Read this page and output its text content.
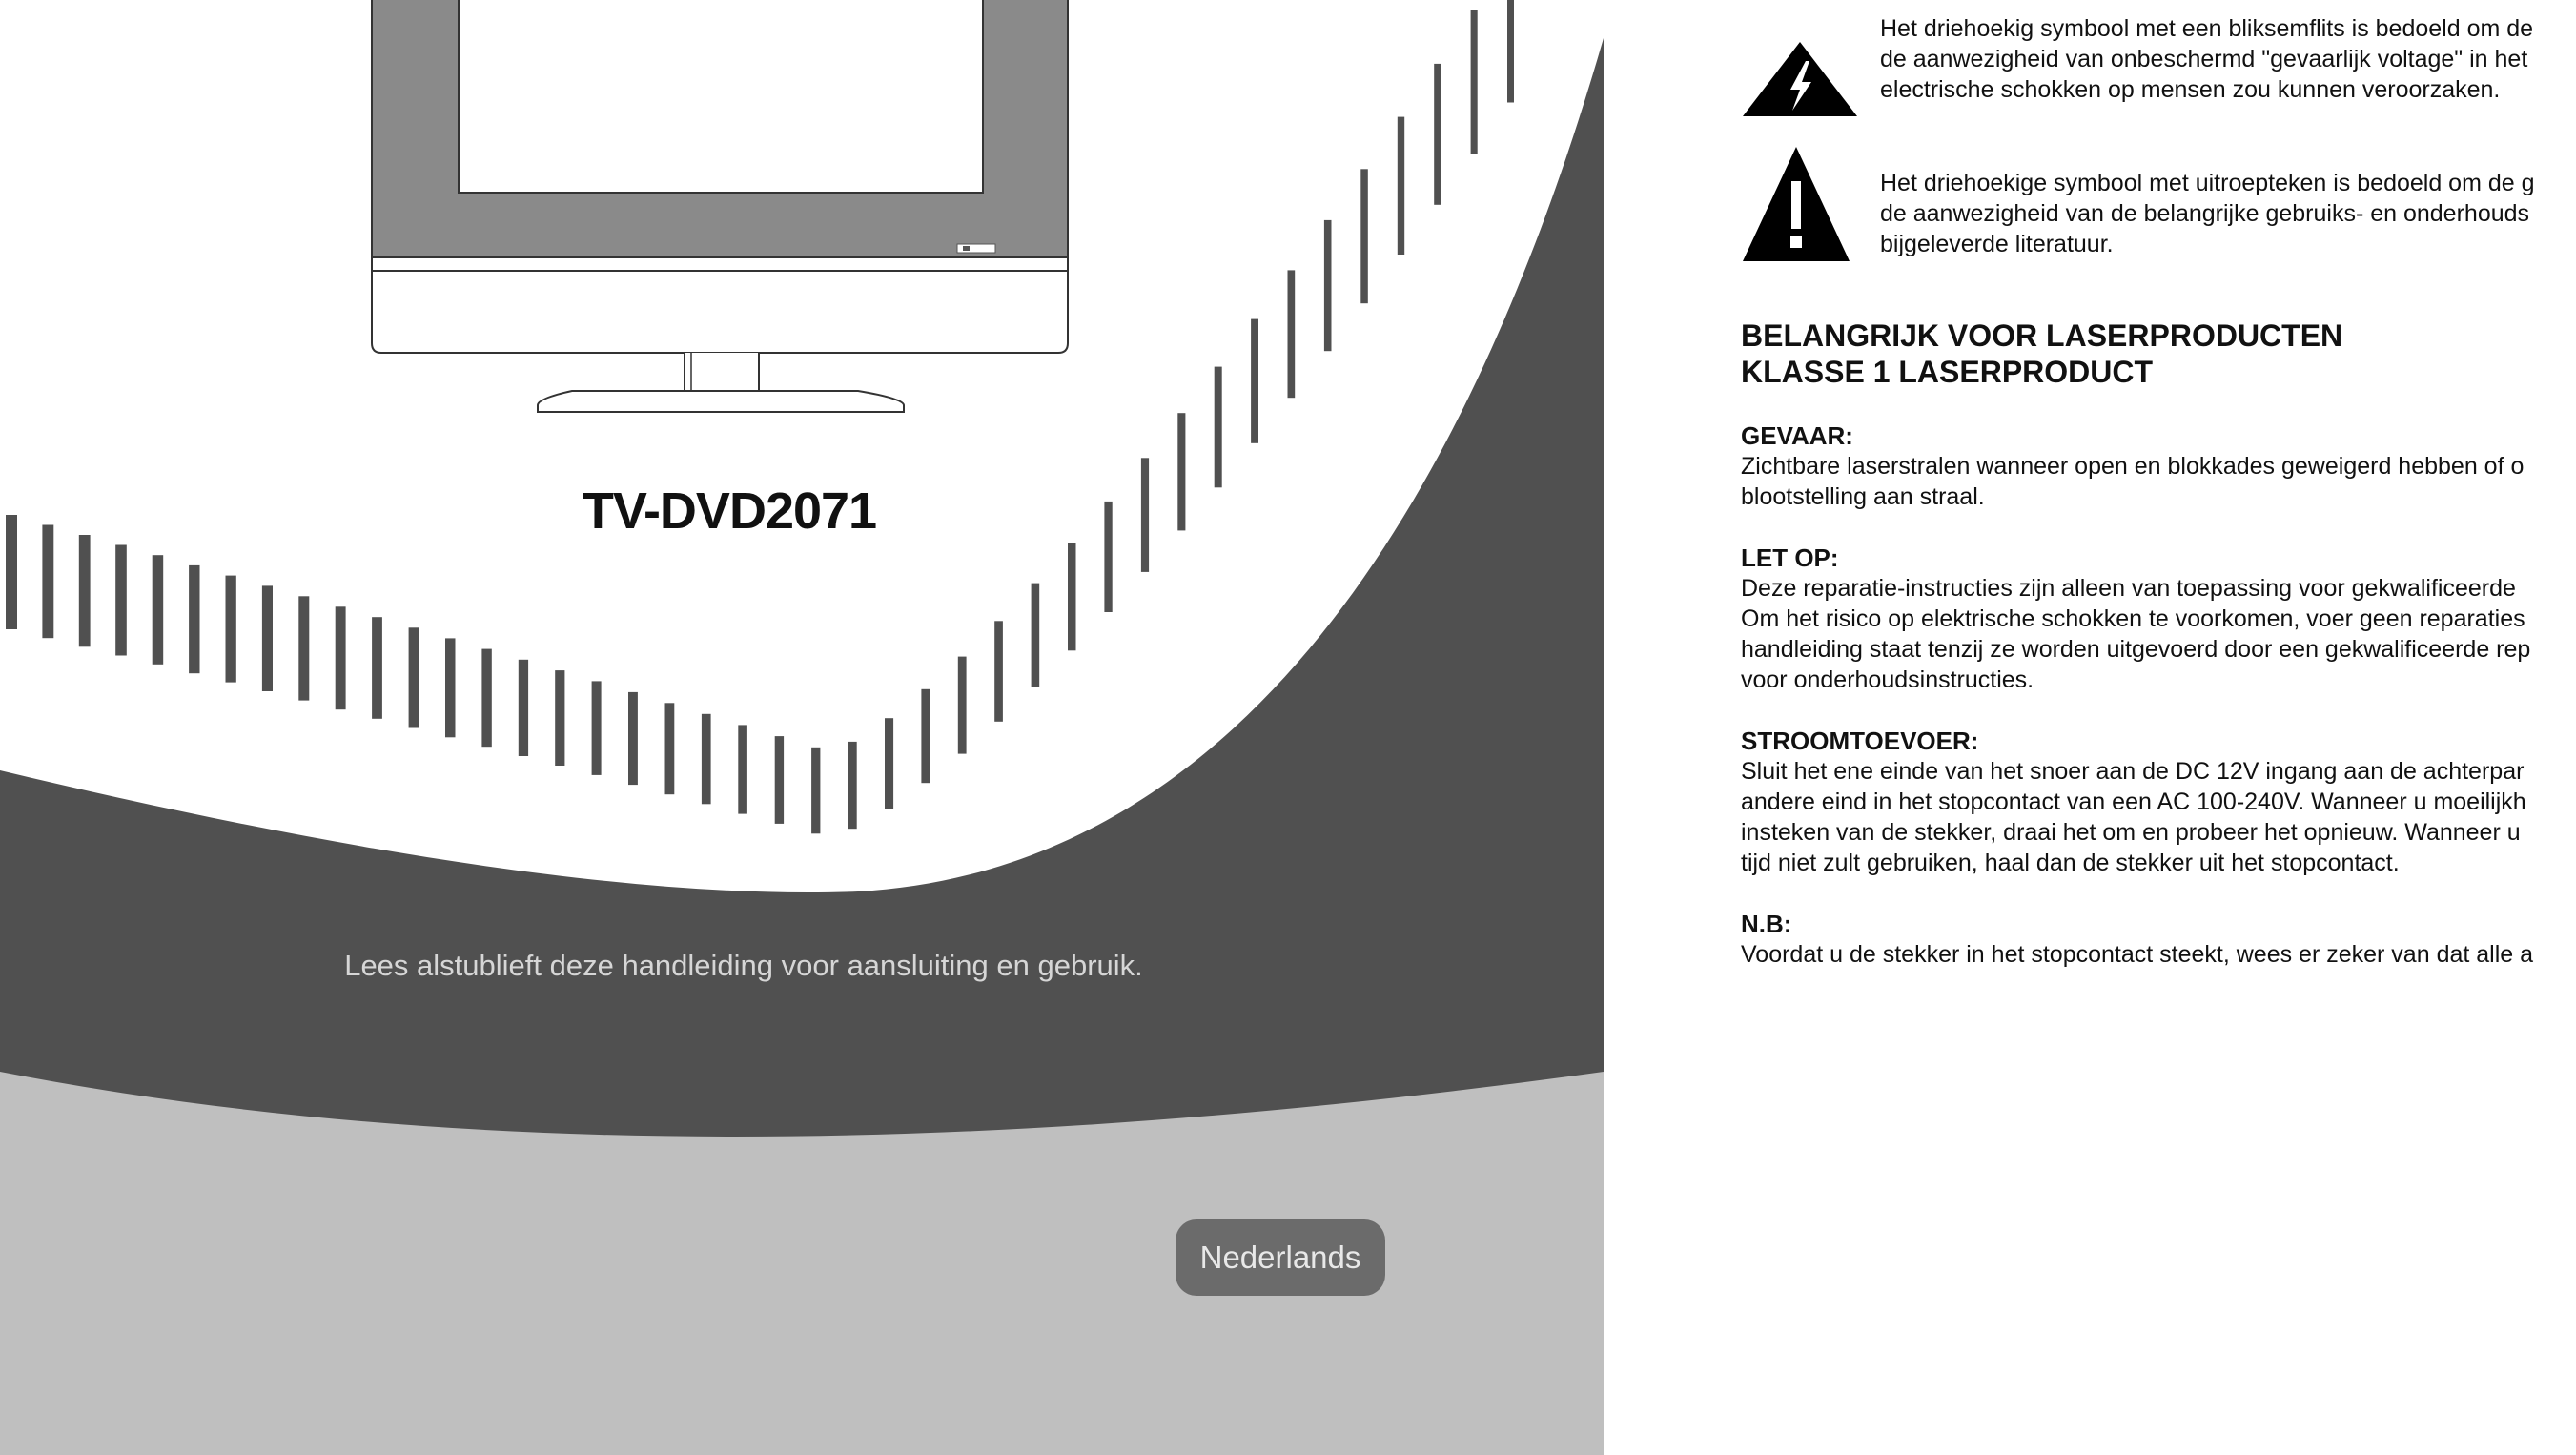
TV-DVD2071
Lees alstublieft deze handleiding voor aansluiting en gebruik.
Nederlands
Het driehoekig symbool met een bliksemflits is bedoeld om de
de aanwezigheid van onbeschermd "gevaarlijk voltage" in het
electrische schokken op mensen zou kunnen veroorzaken.
Het driehoekige symbool met uitroepteken is bedoeld om de g
de aanwezigheid van de belangrijke gebruiks- en onderhouds
bijgeleverde literatuur.
BELANGRIJK VOOR LASERPRODUCTEN
KLASSE 1 LASERPRODUCT
GEVAAR:
Zichtbare laserstralen wanneer open en blokkades geweigerd hebben of o
blootstelling aan straal.
LET OP:
Deze reparatie-instructies zijn alleen van toepassing voor gekwalificeerde
Om het risico op elektrische schokken te voorkomen, voer geen reparaties
handleiding staat tenzij ze worden uitgevoerd door een gekwalificeerde rep
voor onderhoudsinstructies.
STROOMTOEVOER:
Sluit het ene einde van het snoer aan de DC 12V ingang aan de achterpar
andere eind in het stopcontact van een AC 100-240V. Wanneer u moeilijkh
insteken van de stekker, draai het om en probeer het opnieuw. Wanneer u
tijd niet zult gebruiken, haal dan de stekker uit het stopcontact.
N.B:
Voordat u de stekker in het stopcontact steekt, wees er zeker van dat alle a
